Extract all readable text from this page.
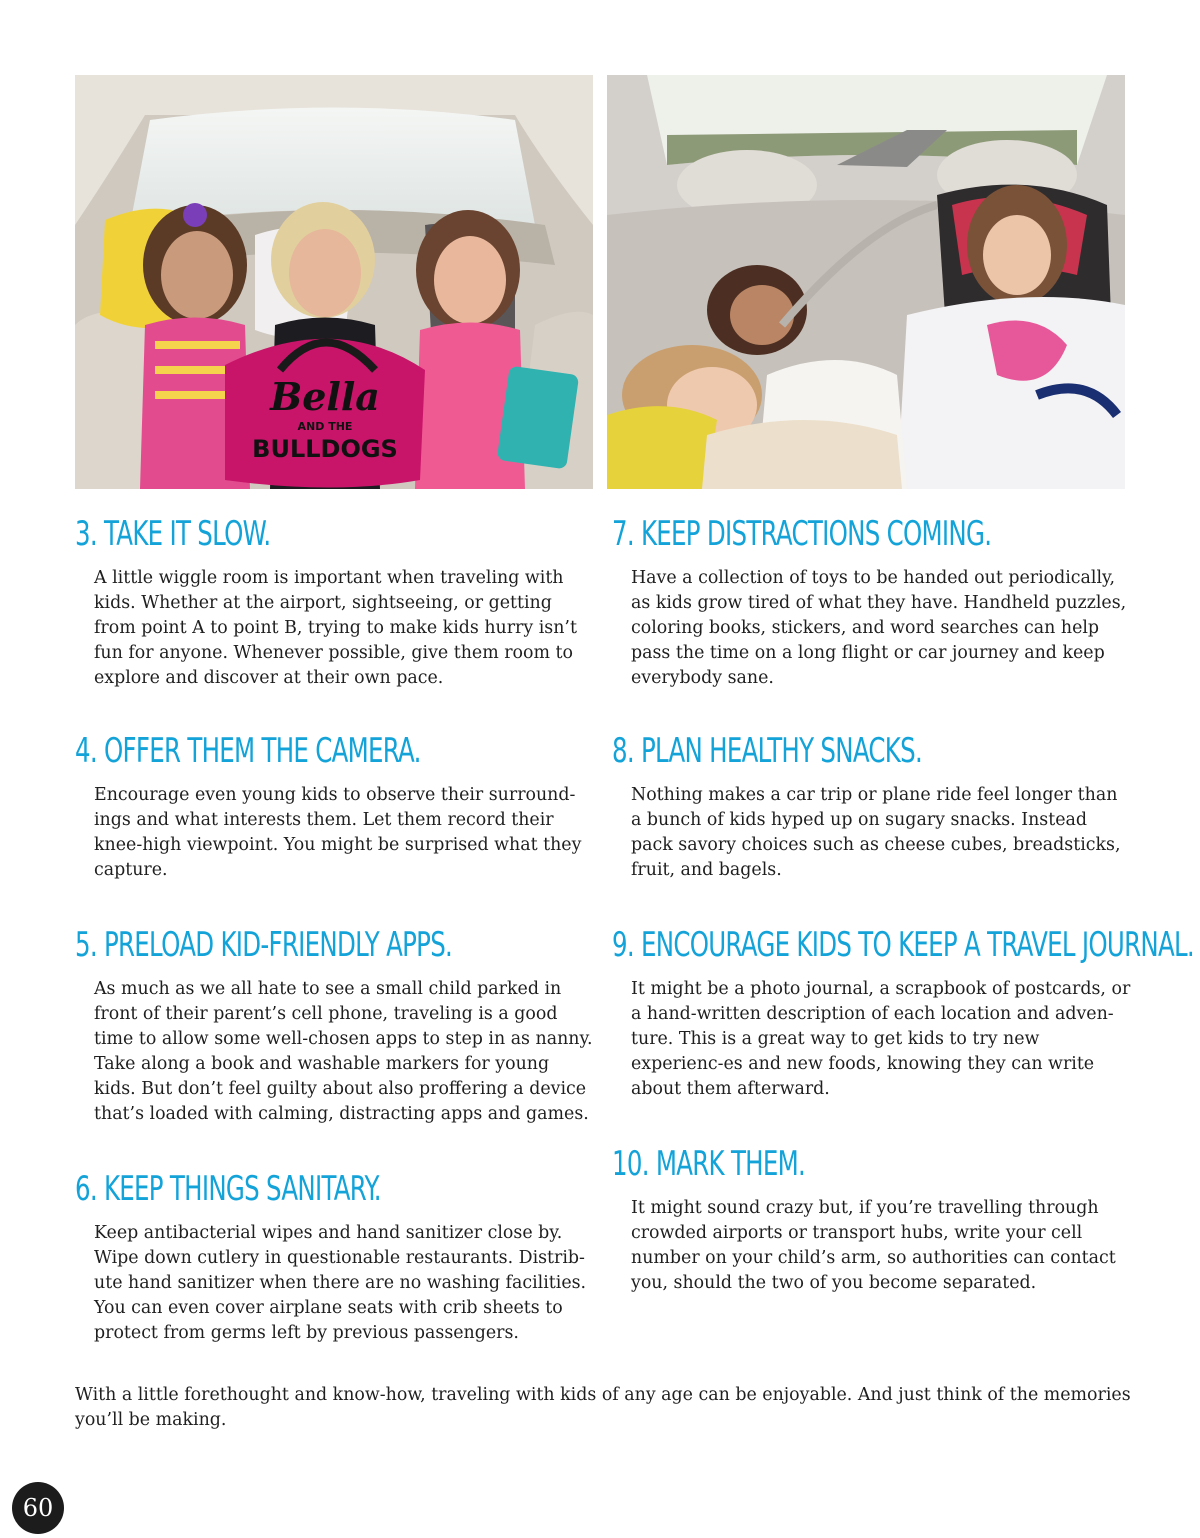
Bella
AND THE
BULLDOGS
3. TAKE IT SLOW.

A little wiggle room is important when traveling with kids. Whether at the airport, sightseeing, or getting from point A to point B, trying to make kids hurry isn’t fun for anyone. Whenever possible, give them room to explore and discover at their own pace.

4. OFFER THEM THE CAMERA.

Encourage even young kids to observe their surround-ings and what interests them. Let them record their knee-high viewpoint. You might be surprised what they capture.

5. PRELOAD KID-FRIENDLY APPS.

As much as we all hate to see a small child parked in front of their parent’s cell phone, traveling is a good time to allow some well-chosen apps to step in as nanny. Take along a book and washable markers for young kids. But don’t feel guilty about also proffering a device that’s loaded with calming, distracting apps and games.

6. KEEP THINGS SANITARY.

Keep antibacterial wipes and hand sanitizer close by. Wipe down cutlery in questionable restaurants. Distrib-ute hand sanitizer when there are no washing facilities. You can even cover airplane seats with crib sheets to protect from germs left by previous passengers.

7. KEEP DISTRACTIONS COMING.

Have a collection of toys to be handed out periodically, as kids grow tired of what they have. Handheld puzzles, coloring books, stickers, and word searches can help pass the time on a long flight or car journey and keep everybody sane.

8. PLAN HEALTHY SNACKS.

Nothing makes a car trip or plane ride feel longer than a bunch of kids hyped up on sugary snacks. Instead pack savory choices such as cheese cubes, breadsticks, fruit, and bagels.

9. ENCOURAGE KIDS TO KEEP A TRAVEL JOURNAL.

It might be a photo journal, a scrapbook of postcards, or a hand-written description of each location and adven-ture. This is a great way to get kids to try new experienc-es and new foods, knowing they can write about them afterward.

10. MARK THEM.

It might sound crazy but, if you’re travelling through crowded airports or transport hubs, write your cell number on your child’s arm, so authorities can contact you, should the two of you become separated.

With a little forethought and know-how, traveling with kids of any age can be enjoyable. And just think of the memories you’ll be making.

60
